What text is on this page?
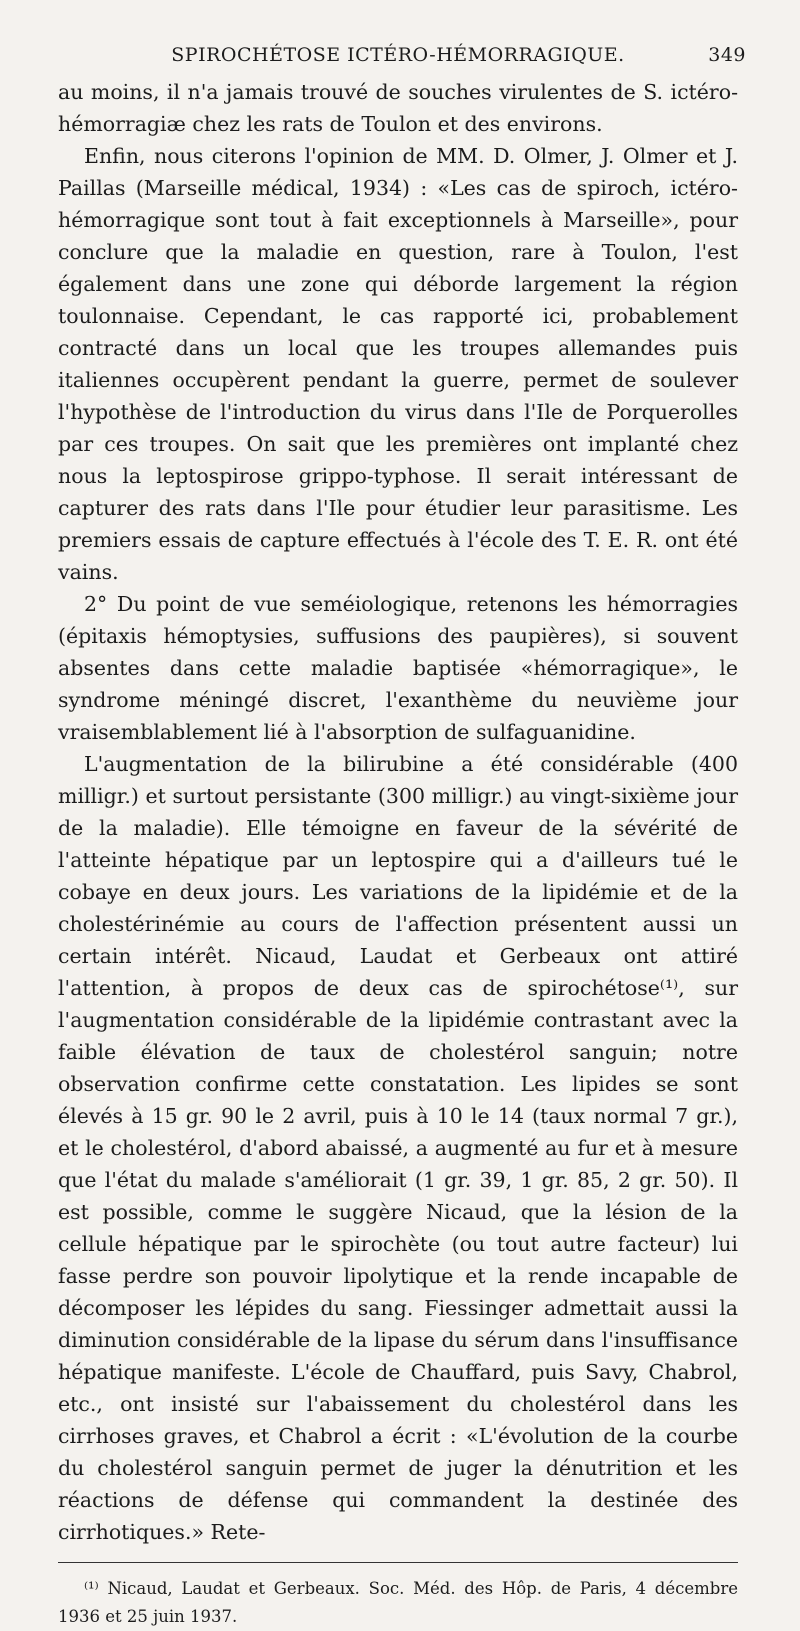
SPIROCHÉTOSE ICTÉRO-HÉMORRAGIQUE.	349

au moins, il n'a jamais trouvé de souches virulentes de S. ictéro-hémorragiæ chez les rats de Toulon et des environs.

Enfin, nous citerons l'opinion de MM. D. Olmer, J. Olmer et J. Paillas (Marseille médical, 1934) : «Les cas de spiroch, ictéro-hémorragique sont tout à fait exceptionnels à Marseille», pour conclure que la maladie en question, rare à Toulon, l'est également dans une zone qui déborde largement la région toulonnaise. Cependant, le cas rapporté ici, probablement contracté dans un local que les troupes allemandes puis italiennes occupèrent pendant la guerre, permet de soulever l'hypothèse de l'introduction du virus dans l'Ile de Porquerolles par ces troupes. On sait que les premières ont implanté chez nous la leptospirose grippo-typhose. Il serait intéressant de capturer des rats dans l'Ile pour étudier leur parasitisme. Les premiers essais de capture effectués à l'école des T. E. R. ont été vains.

2° Du point de vue seméiologique, retenons les hémorragies (épitaxis hémoptysies, suffusions des paupières), si souvent absentes dans cette maladie baptisée «hémorragique», le syndrome méningé discret, l'exanthème du neuvième jour vraisemblablement lié à l'absorption de sulfaguanidine.

L'augmentation de la bilirubine a été considérable (400 milligr.) et surtout persistante (300 milligr.) au vingt-sixième jour de la maladie). Elle témoigne en faveur de la sévérité de l'atteinte hépatique par un leptospire qui a d'ailleurs tué le cobaye en deux jours. Les variations de la lipidémie et de la cholestérinémie au cours de l'affection présentent aussi un certain intérêt. Nicaud, Laudat et Gerbeaux ont attiré l'attention, à propos de deux cas de spirochétose⁽¹⁾, sur l'augmentation considérable de la lipidémie contrastant avec la faible élévation de taux de cholestérol sanguin; notre observation confirme cette constatation. Les lipides se sont élevés à 15 gr. 90 le 2 avril, puis à 10 le 14 (taux normal 7 gr.), et le cholestérol, d'abord abaissé, a augmenté au fur et à mesure que l'état du malade s'améliorait (1 gr. 39, 1 gr. 85, 2 gr. 50). Il est possible, comme le suggère Nicaud, que la lésion de la cellule hépatique par le spirochète (ou tout autre facteur) lui fasse perdre son pouvoir lipolytique et la rende incapable de décomposer les lépides du sang. Fiessinger admettait aussi la diminution considérable de la lipase du sérum dans l'insuffisance hépatique manifeste. L'école de Chauffard, puis Savy, Chabrol, etc., ont insisté sur l'abaissement du cholestérol dans les cirrhoses graves, et Chabrol a écrit : «L'évolution de la courbe du cholestérol sanguin permet de juger la dénutrition et les réactions de défense qui commandent la destinée des cirrhotiques.» Rete-

⁽¹⁾ Nicaud, Laudat et Gerbeaux. Soc. Méd. des Hôp. de Paris, 4 décembre 1936 et 25 juin 1937.
